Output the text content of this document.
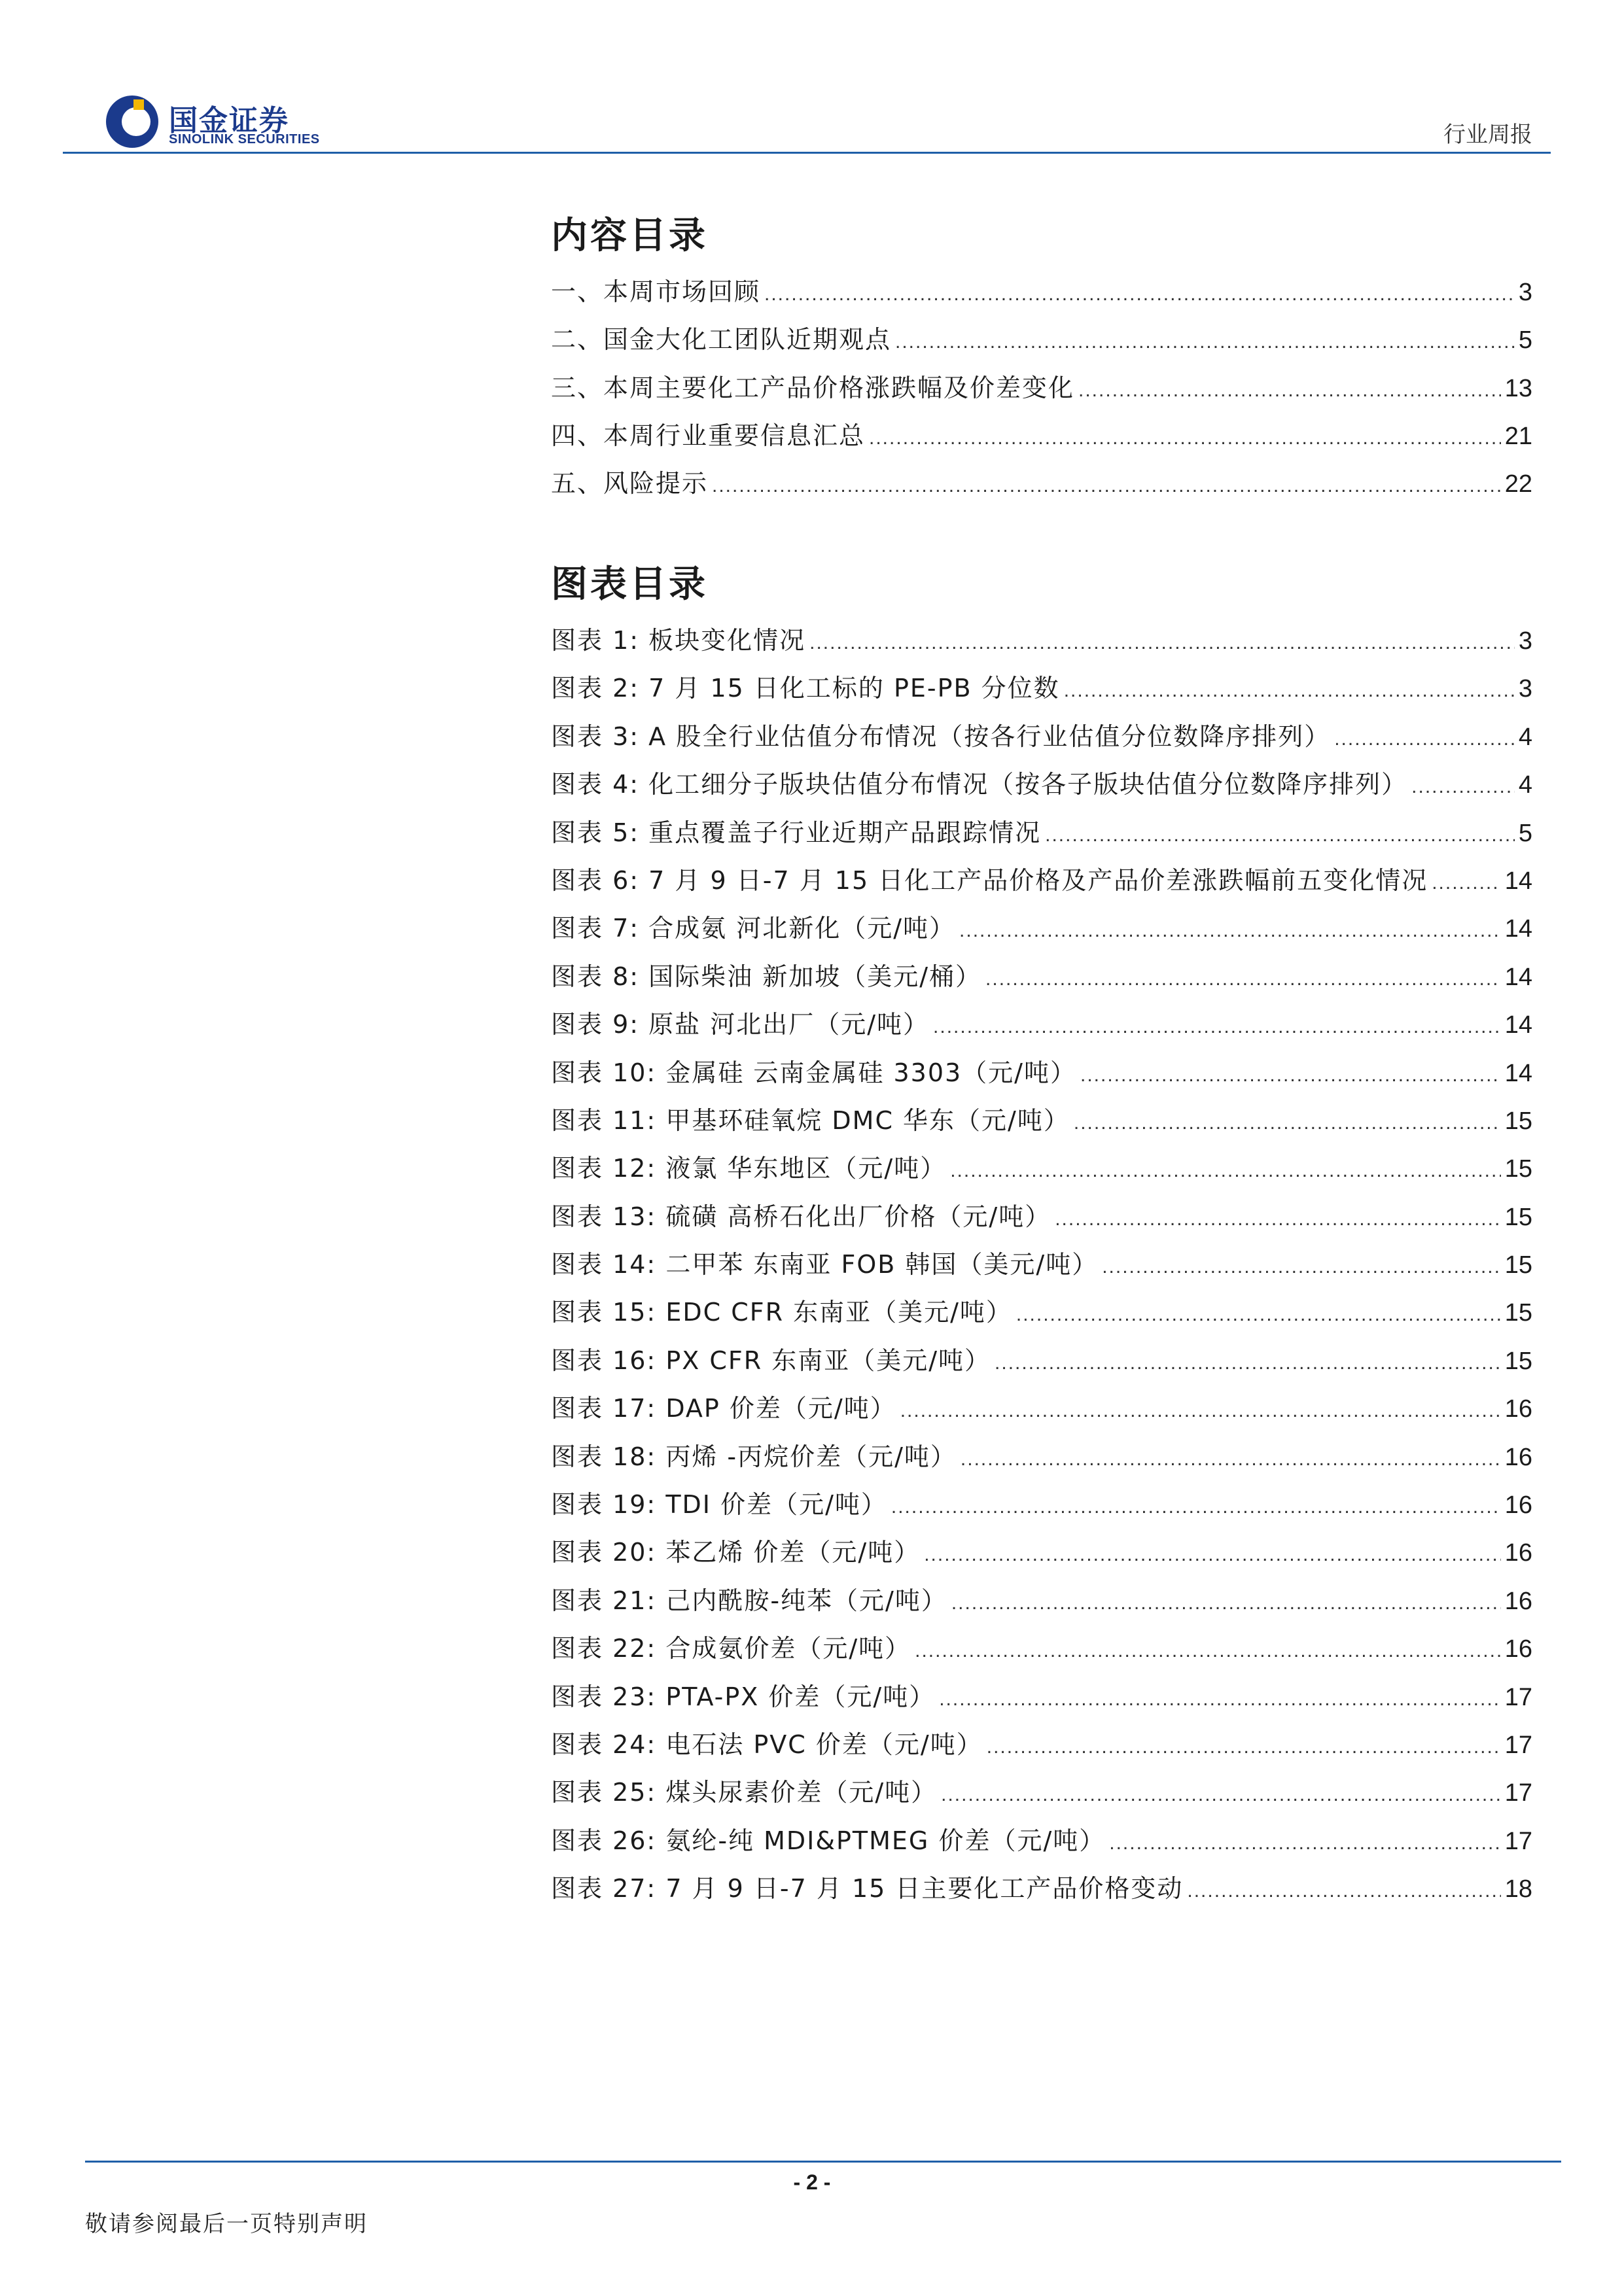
国金证券
SINOLINK SECURITIES	行业周报
内容目录
一、本周市场回顾 .....	3
二、国金大化工团队近期观点 .....	5
三、本周主要化工产品价格涨跌幅及价差变化 .....	13
四、本周行业重要信息汇总 .....	21
五、风险提示 .....	22
图表目录
图表 1: 板块变化情况 .....	3
图表 2: 7 月 15 日化工标的 PE-PB 分位数 .....	3
图表 3: A 股全行业估值分布情况（按各行业估值分位数降序排列） .....	4
图表 4: 化工细分子版块估值分布情况（按各子版块估值分位数降序排列） .....	4
图表 5: 重点覆盖子行业近期产品跟踪情况 .....	5
图表 6: 7 月 9 日-7 月 15 日化工产品价格及产品价差涨跌幅前五变化情况 .....	14
图表 7: 合成氨 河北新化（元/吨） .....	14
图表 8: 国际柴油 新加坡（美元/桶） .....	14
图表 9: 原盐 河北出厂（元/吨） .....	14
图表 10: 金属硅 云南金属硅 3303（元/吨） .....	14
图表 11: 甲基环硅氧烷 DMC 华东（元/吨） .....	15
图表 12: 液氯 华东地区（元/吨） .....	15
图表 13: 硫磺 高桥石化出厂价格（元/吨） .....	15
图表 14: 二甲苯 东南亚 FOB 韩国（美元/吨） .....	15
图表 15: EDC CFR 东南亚（美元/吨） .....	15
图表 16: PX CFR 东南亚（美元/吨） .....	15
图表 17: DAP 价差（元/吨） .....	16
图表 18: 丙烯 -丙烷价差（元/吨） .....	16
图表 19: TDI 价差（元/吨） .....	16
图表 20: 苯乙烯 价差（元/吨） .....	16
图表 21: 己内酰胺-纯苯（元/吨） .....	16
图表 22: 合成氨价差（元/吨） .....	16
图表 23: PTA-PX 价差（元/吨） .....	17
图表 24: 电石法 PVC 价差（元/吨） .....	17
图表 25: 煤头尿素价差（元/吨） .....	17
图表 26: 氨纶-纯 MDI&PTMEG 价差（元/吨） .....	17
图表 27: 7 月 9 日-7 月 15 日主要化工产品价格变动 .....	18
- 2 -
敬请参阅最后一页特别声明
